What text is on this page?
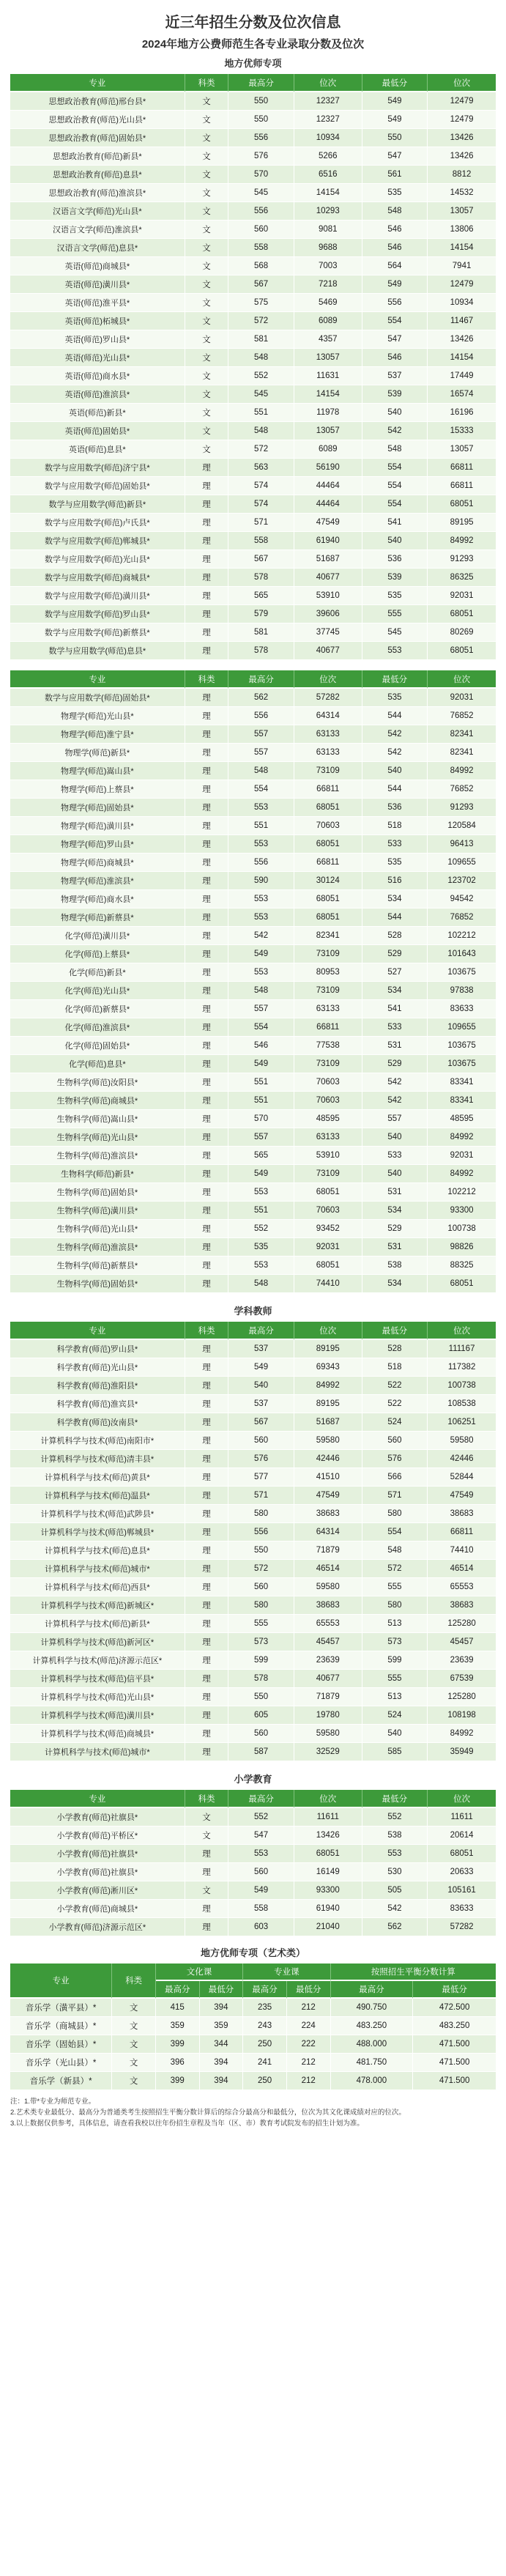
近三年招生分数及位次信息
2024年地方公费师范生各专业录取分数及位次
地方优师专项
专业	科类	最高分	位次	最低分	位次
思想政治教育(师范)邢台县*	文	550	12327	549	12479
思想政治教育(师范)光山县*	文	550	12327	549	12479
思想政治教育(师范)固始县*	文	556	10934	550	13426
思想政治教育(师范)新县*	文	576	5266	547	13426
思想政治教育(师范)息县*	文	570	6516	561	8812
思想政治教育(师范)淮滨县*	文	545	14154	535	14532
汉语言文学(师范)光山县*	文	556	10293	548	13057
汉语言文学(师范)淮滨县*	文	560	9081	546	13806
汉语言文学(师范)息县*	文	558	9688	546	14154
英语(师范)商城县*	文	568	7003	564	7941
英语(师范)潢川县*	文	567	7218	549	12479
英语(师范)淮平县*	文	575	5469	556	10934
英语(师范)柘城县*	文	572	6089	554	11467
英语(师范)罗山县*	文	581	4357	547	13426
英语(师范)光山县*	文	548	13057	546	14154
英语(师范)商水县*	文	552	11631	537	17449
英语(师范)淮滨县*	文	545	14154	539	16574
英语(师范)新县*	文	551	11978	540	16196
英语(师范)固始县*	文	548	13057	542	15333
英语(师范)息县*	文	572	6089	548	13057
数学与应用数学(师范)济宁县*	理	563	56190	554	66811
数学与应用数学(师范)固始县*	理	574	44464	554	66811
数学与应用数学(师范)新县*	理	574	44464	554	68051
数学与应用数学(师范)卢氏县*	理	571	47549	541	89195
数学与应用数学(师范)郸城县*	理	558	61940	540	84992
数学与应用数学(师范)光山县*	理	567	51687	536	91293
数学与应用数学(师范)商城县*	理	578	40677	539	86325
数学与应用数学(师范)潢川县*	理	565	53910	535	92031
数学与应用数学(师范)罗山县*	理	579	39606	555	68051
数学与应用数学(师范)新蔡县*	理	581	37745	545	80269
数学与应用数学(师范)息县*	理	578	40677	553	68051
专业	科类	最高分	位次	最低分	位次
数学与应用数学(师范)固始县*	理	562	57282	535	92031
物理学(师范)光山县*	理	556	64314	544	76852
物理学(师范)淮宁县*	理	557	63133	542	82341
物理学(师范)新县*	理	557	63133	542	82341
物理学(师范)嵩山县*	理	548	73109	540	84992
物理学(师范)上蔡县*	理	554	66811	544	76852
物理学(师范)固始县*	理	553	68051	536	91293
物理学(师范)潢川县*	理	551	70603	518	120584
物理学(师范)罗山县*	理	553	68051	533	96413
物理学(师范)商城县*	理	556	66811	535	109655
物理学(师范)淮滨县*	理	590	30124	516	123702
物理学(师范)商水县*	理	553	68051	534	94542
物理学(师范)新蔡县*	理	553	68051	544	76852
化学(师范)潢川县*	理	542	82341	528	102212
化学(师范)上蔡县*	理	549	73109	529	101643
化学(师范)新县*	理	553	80953	527	103675
化学(师范)光山县*	理	548	73109	534	97838
化学(师范)新蔡县*	理	557	63133	541	83633
化学(师范)淮滨县*	理	554	66811	533	109655
化学(师范)固始县*	理	546	77538	531	103675
化学(师范)息县*	理	549	73109	529	103675
生物科学(师范)汝阳县*	理	551	70603	542	83341
生物科学(师范)商城县*	理	551	70603	542	83341
生物科学(师范)嵩山县*	理	570	48595	557	48595
生物科学(师范)光山县*	理	557	63133	540	84992
生物科学(师范)淮滨县*	理	565	53910	533	92031
生物科学(师范)新县*	理	549	73109	540	84992
生物科学(师范)固始县*	理	553	68051	531	102212
生物科学(师范)潢川县*	理	551	70603	534	93300
生物科学(师范)光山县*	理	552	93452	529	100738
生物科学(师范)淮滨县*	理	535	92031	531	98826
生物科学(师范)新蔡县*	理	553	68051	538	88325
生物科学(师范)固始县*	理	548	74410	534	68051
学科教师
专业	科类	最高分	位次	最低分	位次
科学教育(师范)罗山县*	理	537	89195	528	111167
科学教育(师范)光山县*	理	549	69343	518	117382
科学教育(师范)淮阳县*	理	540	84992	522	100738
科学教育(师范)淮宾县*	理	537	89195	522	108538
科学教育(师范)汝南县*	理	567	51687	524	106251
计算机科学与技术(师范)南阳市*	理	560	59580	560	59580
计算机科学与技术(师范)清丰县*	理	576	42446	576	42446
计算机科学与技术(师范)黄县*	理	577	41510	566	52844
计算机科学与技术(师范)温县*	理	571	47549	571	47549
计算机科学与技术(师范)武陟县*	理	580	38683	580	38683
计算机科学与技术(师范)郸城县*	理	556	64314	554	66811
计算机科学与技术(师范)息县*	理	550	71879	548	74410
计算机科学与技术(师范)城市*	理	572	46514	572	46514
计算机科学与技术(师范)西县*	理	560	59580	555	65553
计算机科学与技术(师范)新城区*	理	580	38683	580	38683
计算机科学与技术(师范)新县*	理	555	65553	513	125280
计算机科学与技术(师范)新河区*	理	573	45457	573	45457
计算机科学与技术(师范)济源示范区*	理	599	23639	599	23639
计算机科学与技术(师范)信平县*	理	578	40677	555	67539
计算机科学与技术(师范)光山县*	理	550	71879	513	125280
计算机科学与技术(师范)潢川县*	理	605	19780	524	108198
计算机科学与技术(师范)商城县*	理	560	59580	540	84992
计算机科学与技术(师范)城市*	理	587	32529	585	35949
小学教育
专业	科类	最高分	位次	最低分	位次
小学教育(师范)社旗县*	文	552	11611	552	11611
小学教育(师范)平桥区*	文	547	13426	538	20614
小学教育(师范)社旗县*	理	553	68051	553	68051
小学教育(师范)社旗县*	理	560	16149	530	20633
小学教育(师范)淅川区*	文	549	93300	505	105161
小学教育(师范)商城县*	理	558	61940	542	83633
小学教育(师范)济源示范区*	理	603	21040	562	57282
地方优师专项（艺术类）
专业	科类	文化课		专业课		按照招生平衡分数计算	
		最高分	最低分	最高分	最低分	最高分	最低分
音乐学（潢平县）*	文	415	394	235	212	490.750	472.500
音乐学（商城县）*	文	359	359	243	224	483.250	483.250
音乐学（固始县）*	文	399	344	250	222	488.000	471.500
音乐学（光山县）*	文	396	394	241	212	481.750	471.500
音乐学（新县）*	文	399	394	250	212	478.000	471.500
注：1.带*专业为师范专业。
2.艺术类专业最低分、最高分为普通类考生按照招生平衡分数计算后的综合分最高分和最低分，位次为其文化课成绩对应的位次。
3.以上数据仅供参考，具体信息，请查看我校以往年份招生章程及当年（区、市）教育考试院发布的招生计划为准。
